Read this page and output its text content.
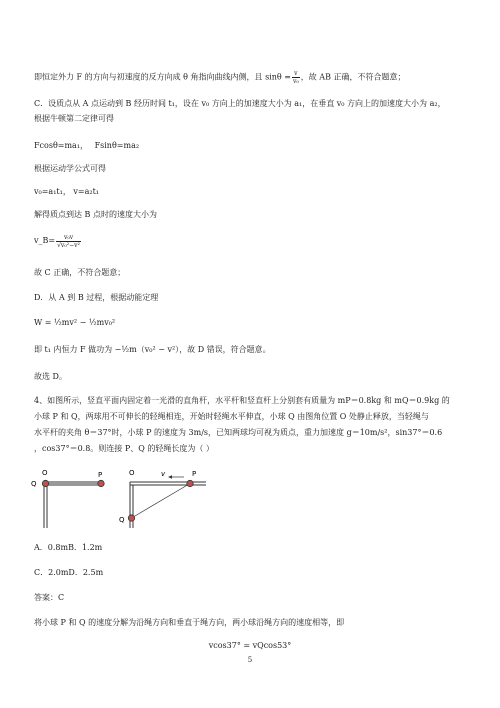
即恒定外力 F 的方向与初速度的反方向成 θ 角指向曲线内侧，且 $\sin\theta = \frac{v}{\text{v₀}}$ ，故 AB 正确，不符合题意；
C．设质点从 A 点运动到 B 经历时间 t₁，设在 v₀ 方向上的加速度大小为 a₁，在垂直 v₀ 方向上的加速度大小为 a₂，
根据牛顿第二定律可得
Fcosθ=ma₁， Fsinθ=ma₂
根据运动学公式可得
v₀=a₁t₁， v=a₂t₁
解得质点到达 B 点时的速度大小为
v_B= $\frac{\text{v₀v}}{\text{√v₀²−v²}}$
故 C 正确，不符合题意；
D．从 A 到 B 过程，根据动能定理
W = ½mv² − ½mv₀²
即 t₁ 内恒力 F 做功为 −½m（v₀² − v²），故 D 错误，符合题意。
故选 D。
4、如图所示，竖直平面内固定着一光滑的直角杆，水平杆和竖直杆上分别套有质量为 mP＝0.8kg 和 mQ＝0.9kg 的
小球 P 和 Q，两球用不可伸长的轻绳相连，开始时轻绳水平伸直，小球 Q 由图角位置 O 处静止释放，当轻绳与
水平杆的夹角 θ＝37°时，小球 P 的速度为 3m/s，已知两球均可视为质点，重力加速度 g＝10m/s²，sin37°＝0.6
，cos37°＝0.8。则连接 P、Q 的轻绳长度为（ ）
O
Q
P	O	v	P
Q
A．0.8mB．1.2m
C．2.0mD．2.5m
答案：C
将小球 P 和 Q 的速度分解为沿绳方向和垂直于绳方向，两小球沿绳方向的速度相等，即
vcos37° = vQcos53°
5
